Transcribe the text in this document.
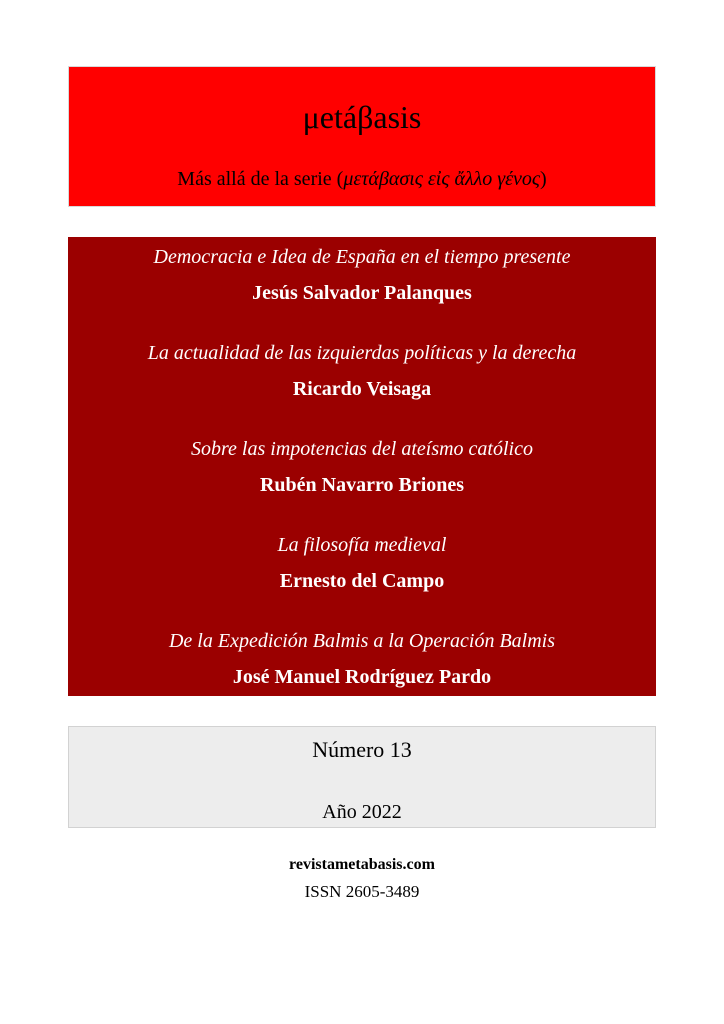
μetáβasis
Más allá de la serie (μετάβασις εἰς ἄλλο γένος)
Democracia e Idea de España en el tiempo presente
Jesús Salvador Palanques
La actualidad de las izquierdas políticas y la derecha
Ricardo Veisaga
Sobre las impotencias del ateísmo católico
Rubén Navarro Briones
La filosofía medieval
Ernesto del Campo
De la Expedición Balmis a la Operación Balmis
José Manuel Rodríguez Pardo
Número 13
Año 2022
revistametabasis.com
ISSN 2605-3489
